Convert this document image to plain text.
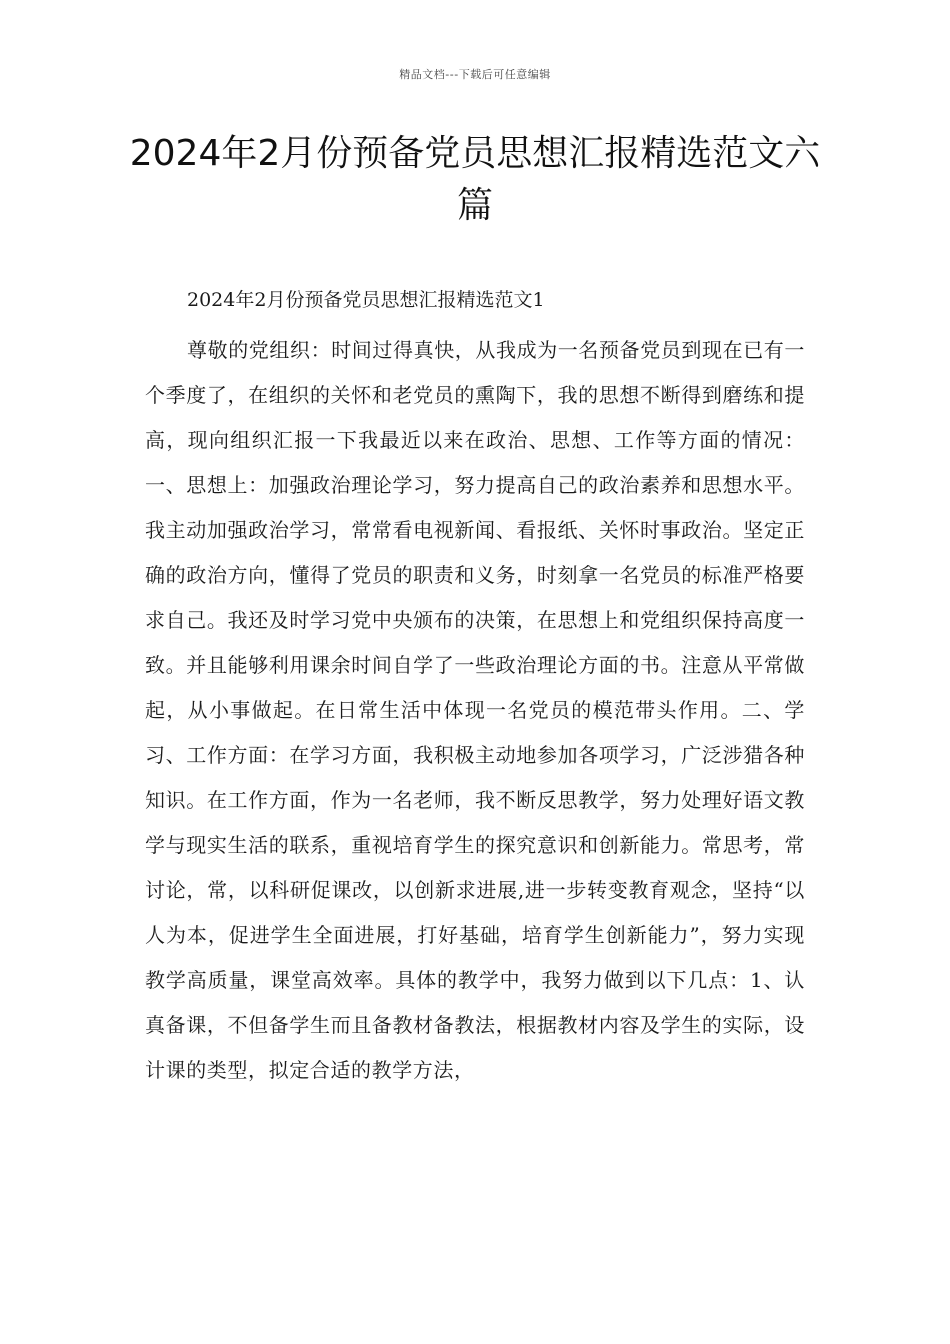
精品文档---下载后可任意编辑
2024年2月份预备党员思想汇报精选范文六篇

2024年2月份预备党员思想汇报精选范文1

尊敬的党组织：时间过得真快，从我成为一名预备党员到现在已有一个季度了，在组织的关怀和老党员的熏陶下，我的思想不断得到磨练和提高，现向组织汇报一下我最近以来在政治、思想、工作等方面的情况：一、思想上：加强政治理论学习，努力提高自己的政治素养和思想水平。我主动加强政治学习，常常看电视新闻、看报纸、关怀时事政治。坚定正确的政治方向，懂得了党员的职责和义务，时刻拿一名党员的标准严格要求自己。我还及时学习党中央颁布的决策，在思想上和党组织保持高度一致。并且能够利用课余时间自学了一些政治理论方面的书。注意从平常做起，从小事做起。在日常生活中体现一名党员的模范带头作用。二、学习、工作方面：在学习方面，我积极主动地参加各项学习，广泛涉猎各种知识。在工作方面，作为一名老师，我不断反思教学，努力处理好语文教学与现实生活的联系，重视培育学生的探究意识和创新能力。常思考，常讨论，常，以科研促课改，以创新求进展,进一步转变教育观念，坚持“以人为本，促进学生全面进展，打好基础，培育学生创新能力”，努力实现教学高质量，课堂高效率。具体的教学中，我努力做到以下几点：1、认真备课，不但备学生而且备教材备教法，根据教材内容及学生的实际，设计课的类型，拟定合适的教学方法，
